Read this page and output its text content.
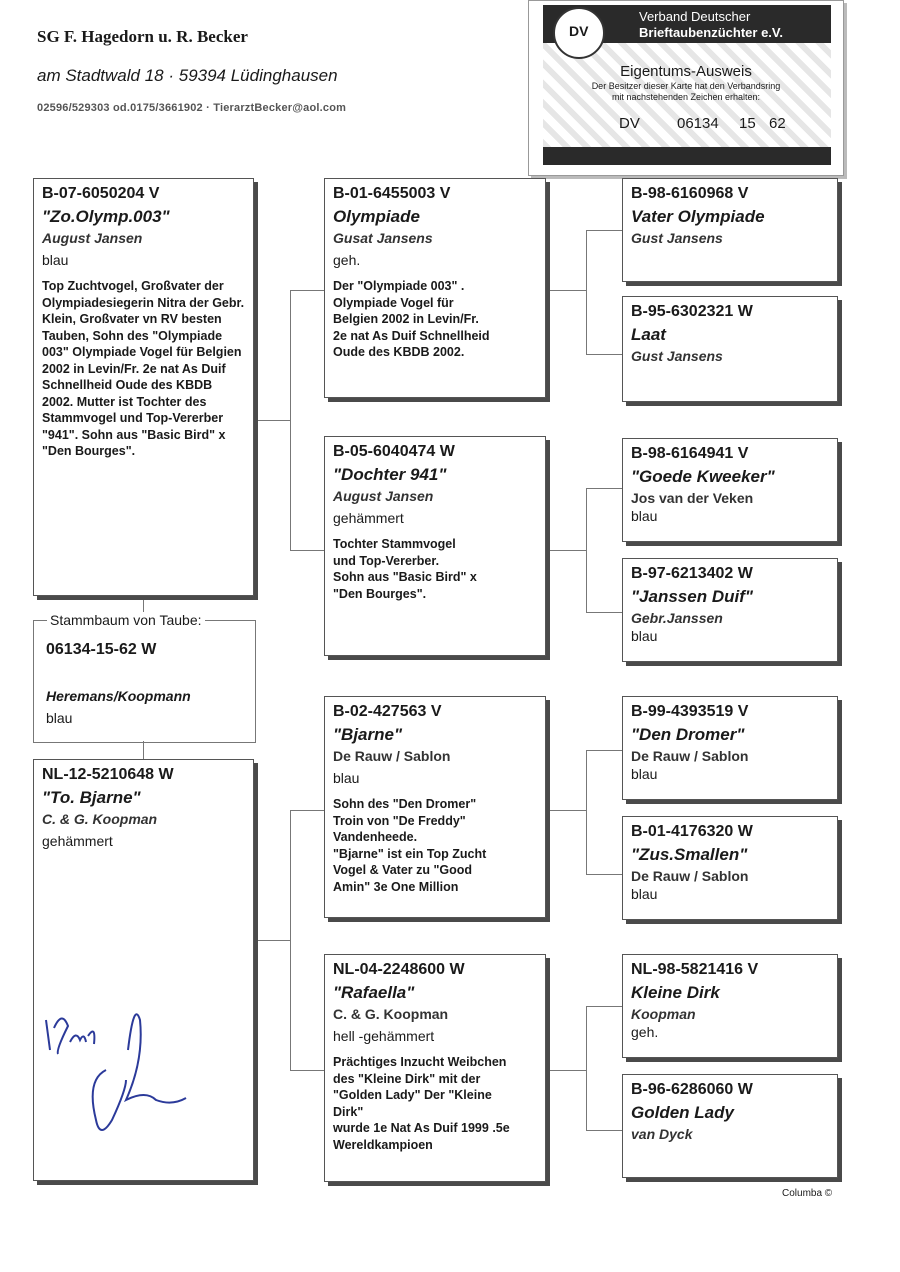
SG F. Hagedorn u. R. Becker
am Stadtwald 18 · 59394 Lüdinghausen
02596/529303 od.0175/3661902 · TierarztBecker@aol.com
DV
Verband Deutscher
Brieftaubenzüchter e.V.
Eigentums-Ausweis
Der Besitzer dieser Karte hat den Verbandsring
mit nachstehenden Zeichen erhalten:
DV 06134 15 62
B-07-6050204 V
"Zo.Olymp.003"
August Jansen
blau
Top Zuchtvogel, Großvater der Olympiadesiegerin Nitra der Gebr. Klein, Großvater vn RV besten Tauben, Sohn des "Olympiade 003" Olympiade Vogel für Belgien 2002 in Levin/Fr. 2e nat As Duif Schnellheid Oude des KBDB 2002. Mutter ist Tochter des Stammvogel und Top-Vererber "941". Sohn aus "Basic Bird" x "Den Bourges".
Stammbaum von Taube:
06134-15-62 W
Heremans/Koopmann
blau
NL-12-5210648 W
"To. Bjarne"
C. & G. Koopman
gehämmert
B-01-6455003 V
Olympiade
Gusat Jansens
geh.
Der "Olympiade 003" .
Olympiade Vogel für
Belgien 2002 in Levin/Fr.
2e nat As Duif Schnellheid
Oude des KBDB 2002.
B-05-6040474 W
"Dochter 941"
August Jansen
gehämmert
Tochter Stammvogel
und Top-Vererber.
Sohn aus "Basic Bird" x
"Den Bourges".
B-02-427563 V
"Bjarne"
De Rauw / Sablon
blau
Sohn des "Den Dromer"
Troin von "De Freddy"
Vandenheede.
"Bjarne" ist ein Top Zucht
Vogel & Vater zu "Good
Amin" 3e One Million
NL-04-2248600 W
"Rafaella"
C. & G. Koopman
hell -gehämmert
Prächtiges Inzucht Weibchen
des "Kleine Dirk" mit der
"Golden Lady" Der "Kleine
Dirk"
wurde 1e Nat As Duif 1999 .5e
Wereldkampioen
B-98-6160968 V
Vater Olympiade
Gust Jansens
B-95-6302321 W
Laat
Gust Jansens
B-98-6164941 V
"Goede Kweeker"
Jos van der Veken
blau
B-97-6213402 W
"Janssen Duif"
Gebr.Janssen
blau
B-99-4393519 V
"Den Dromer"
De Rauw / Sablon
blau
B-01-4176320 W
"Zus.Smallen"
De Rauw / Sablon
blau
NL-98-5821416 V
Kleine Dirk
Koopman
geh.
B-96-6286060 W
Golden Lady
van Dyck
Columba ©
